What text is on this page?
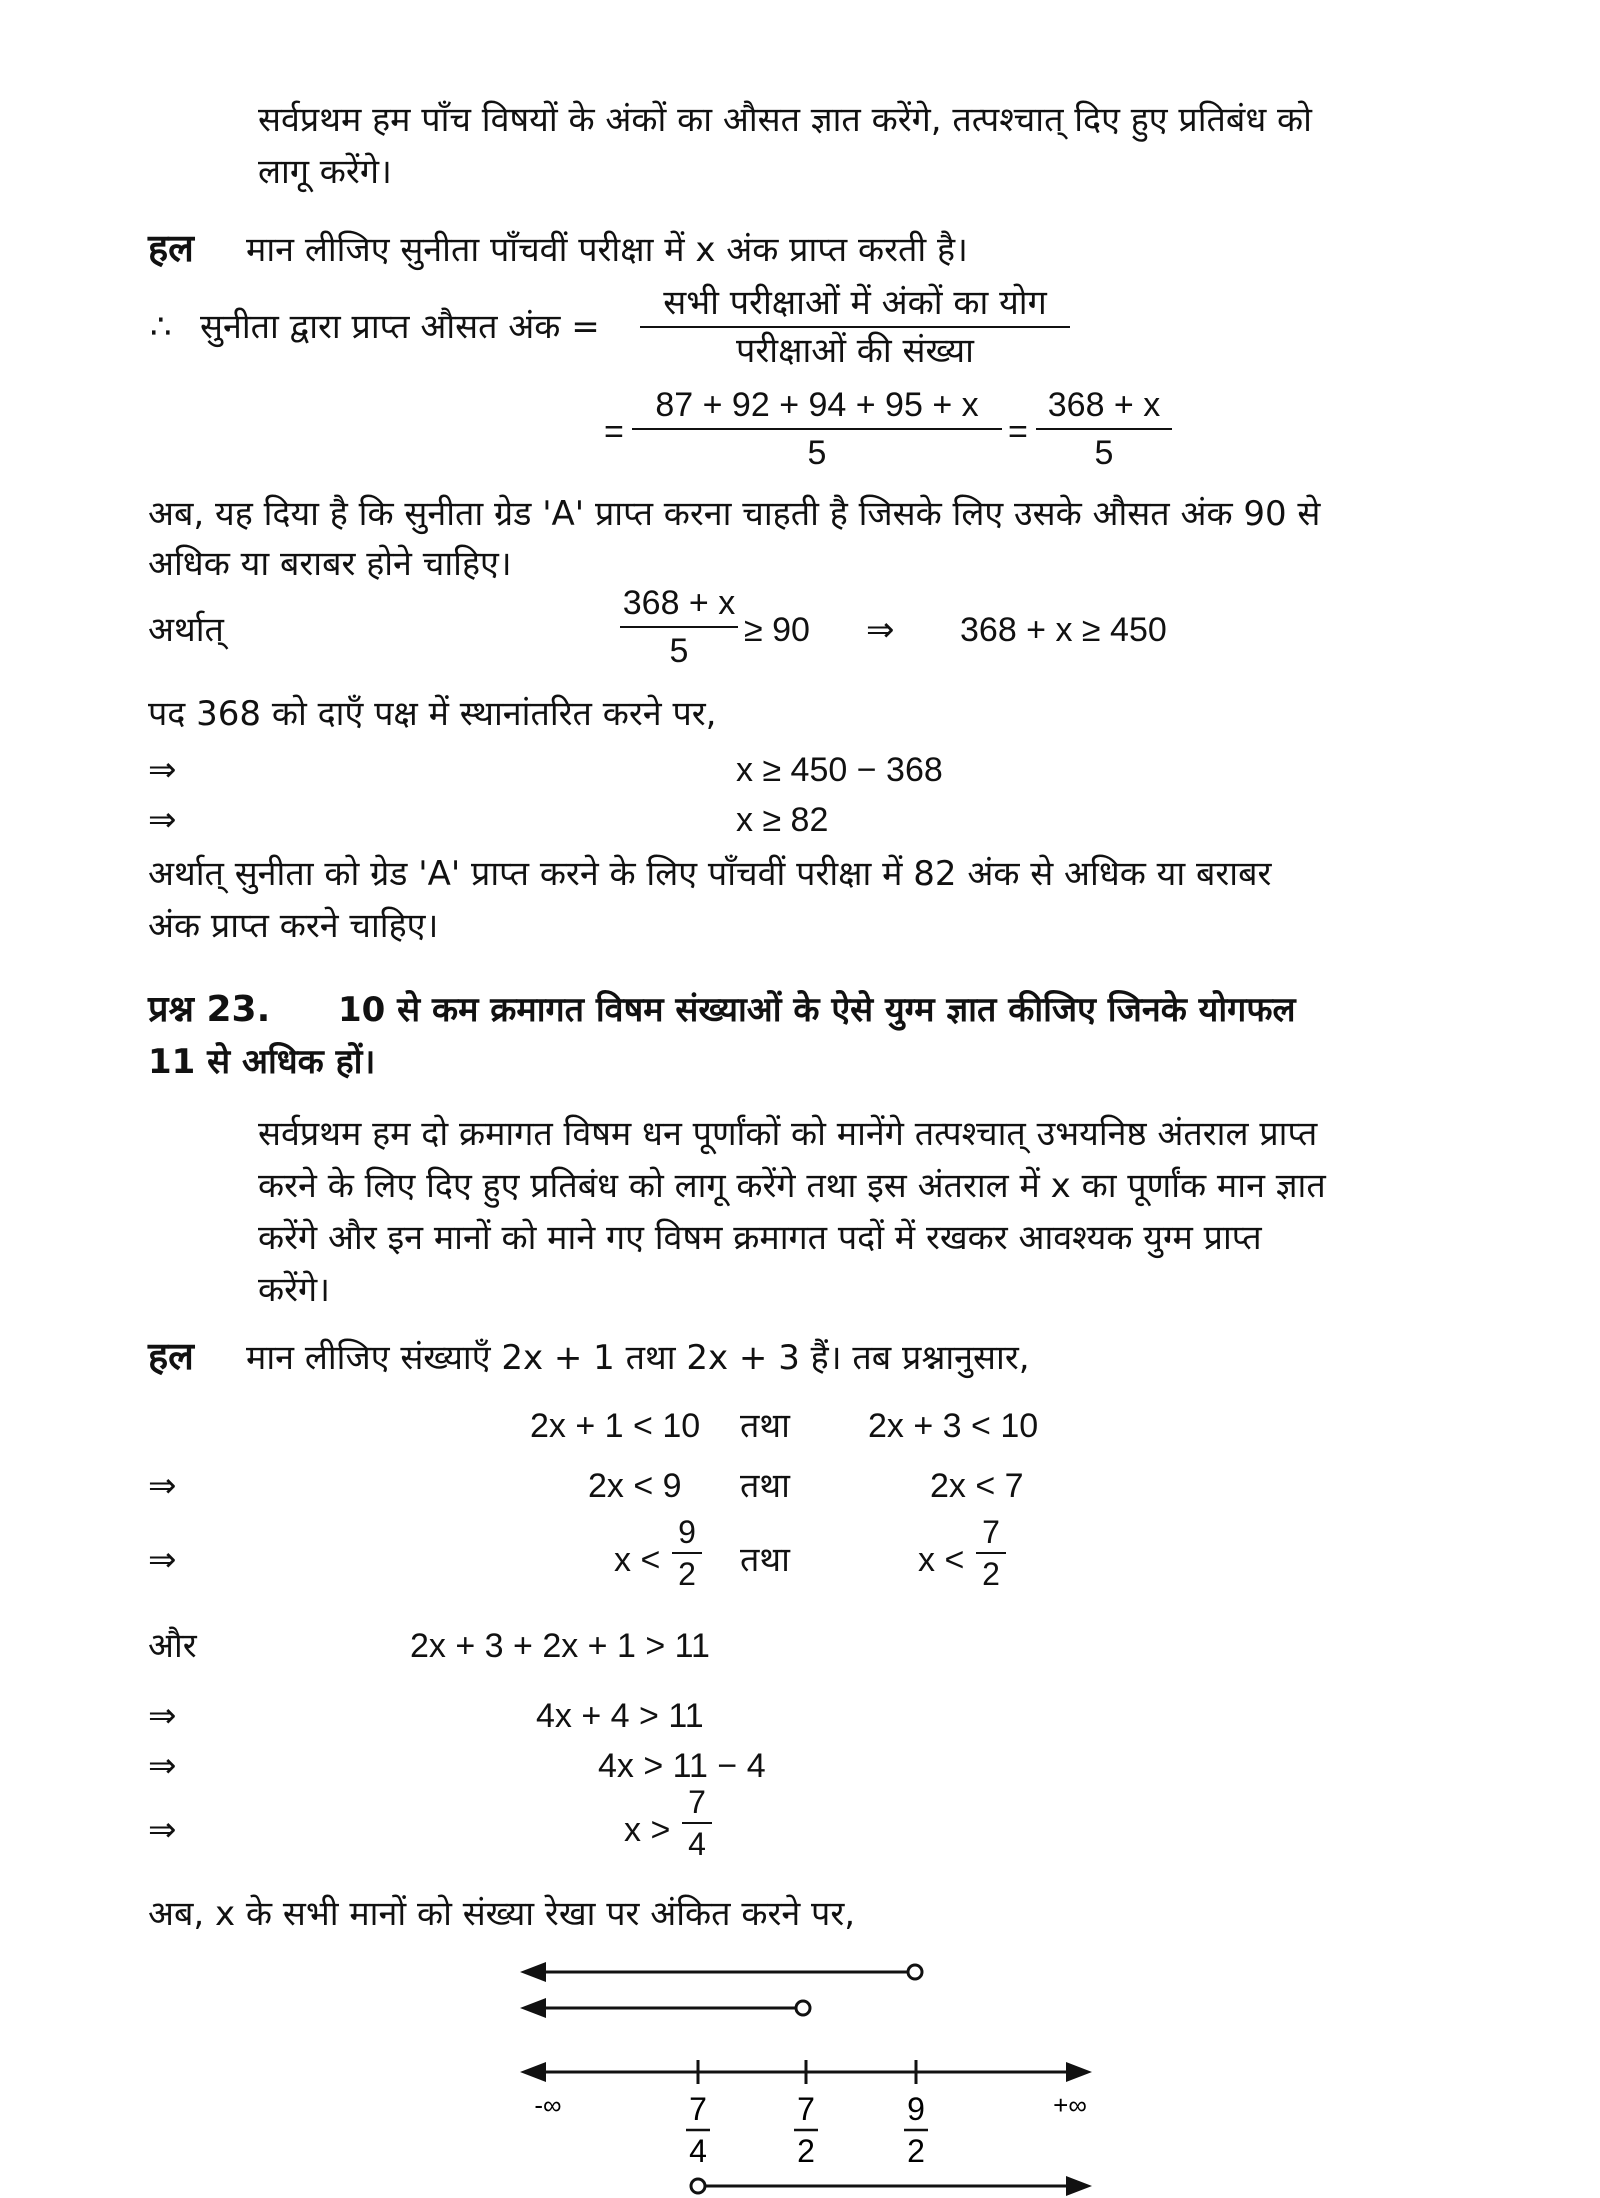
सर्वप्रथम हम पाँच विषयों के अंकों का औसत ज्ञात करेंगे, तत्पश्चात् दिए हुए प्रतिबंध को
लागू करेंगे।
हल मान लीजिए सुनीता पाँचवीं परीक्षा में x अंक प्राप्त करती है।
∴ सुनीता द्वारा प्राप्त औसत अंक =
सभी परीक्षाओं में अंकों का योग
परीक्षाओं की संख्या
=
87 + 92 + 94 + 95 + x
5
=
368 + x
5
अब, यह दिया है कि सुनीता ग्रेड 'A' प्राप्त करना चाहती है जिसके लिए उसके औसत अंक 90 से
अधिक या बराबर होने चाहिए।
अर्थात्
368 + x
5
≥ 90 ⇒ 368 + x ≥ 450
पद 368 को दाएँ पक्ष में स्थानांतरित करने पर,
⇒	x ≥ 450 − 368
⇒	x ≥ 82
अर्थात् सुनीता को ग्रेड 'A' प्राप्त करने के लिए पाँचवीं परीक्षा में 82 अंक से अधिक या बराबर
अंक प्राप्त करने चाहिए।
प्रश्न 23. 10 से कम क्रमागत विषम संख्याओं के ऐसे युग्म ज्ञात कीजिए जिनके योगफल
11 से अधिक हों।
सर्वप्रथम हम दो क्रमागत विषम धन पूर्णांकों को मानेंगे तत्पश्चात् उभयनिष्ठ अंतराल प्राप्त
करने के लिए दिए हुए प्रतिबंध को लागू करेंगे तथा इस अंतराल में x का पूर्णांक मान ज्ञात
करेंगे और इन मानों को माने गए विषम क्रमागत पदों में रखकर आवश्यक युग्म प्राप्त
करेंगे।
हल मान लीजिए संख्याएँ 2x + 1 तथा 2x + 3 हैं। तब प्रश्नानुसार,
2x + 1 < 10 तथा 2x + 3 < 10
⇒	2x < 9 तथा	2x < 7
⇒	x <
9
2 तथा	x <
7
2
और	2x + 3 + 2x + 1 > 11
⇒	4x + 4 > 11
⇒	4x > 11 − 4
⇒	x >
7
4
अब, x के सभी मानों को संख्या रेखा पर अंकित करने पर,
-∞	+∞
7
4
7
2
9
2
